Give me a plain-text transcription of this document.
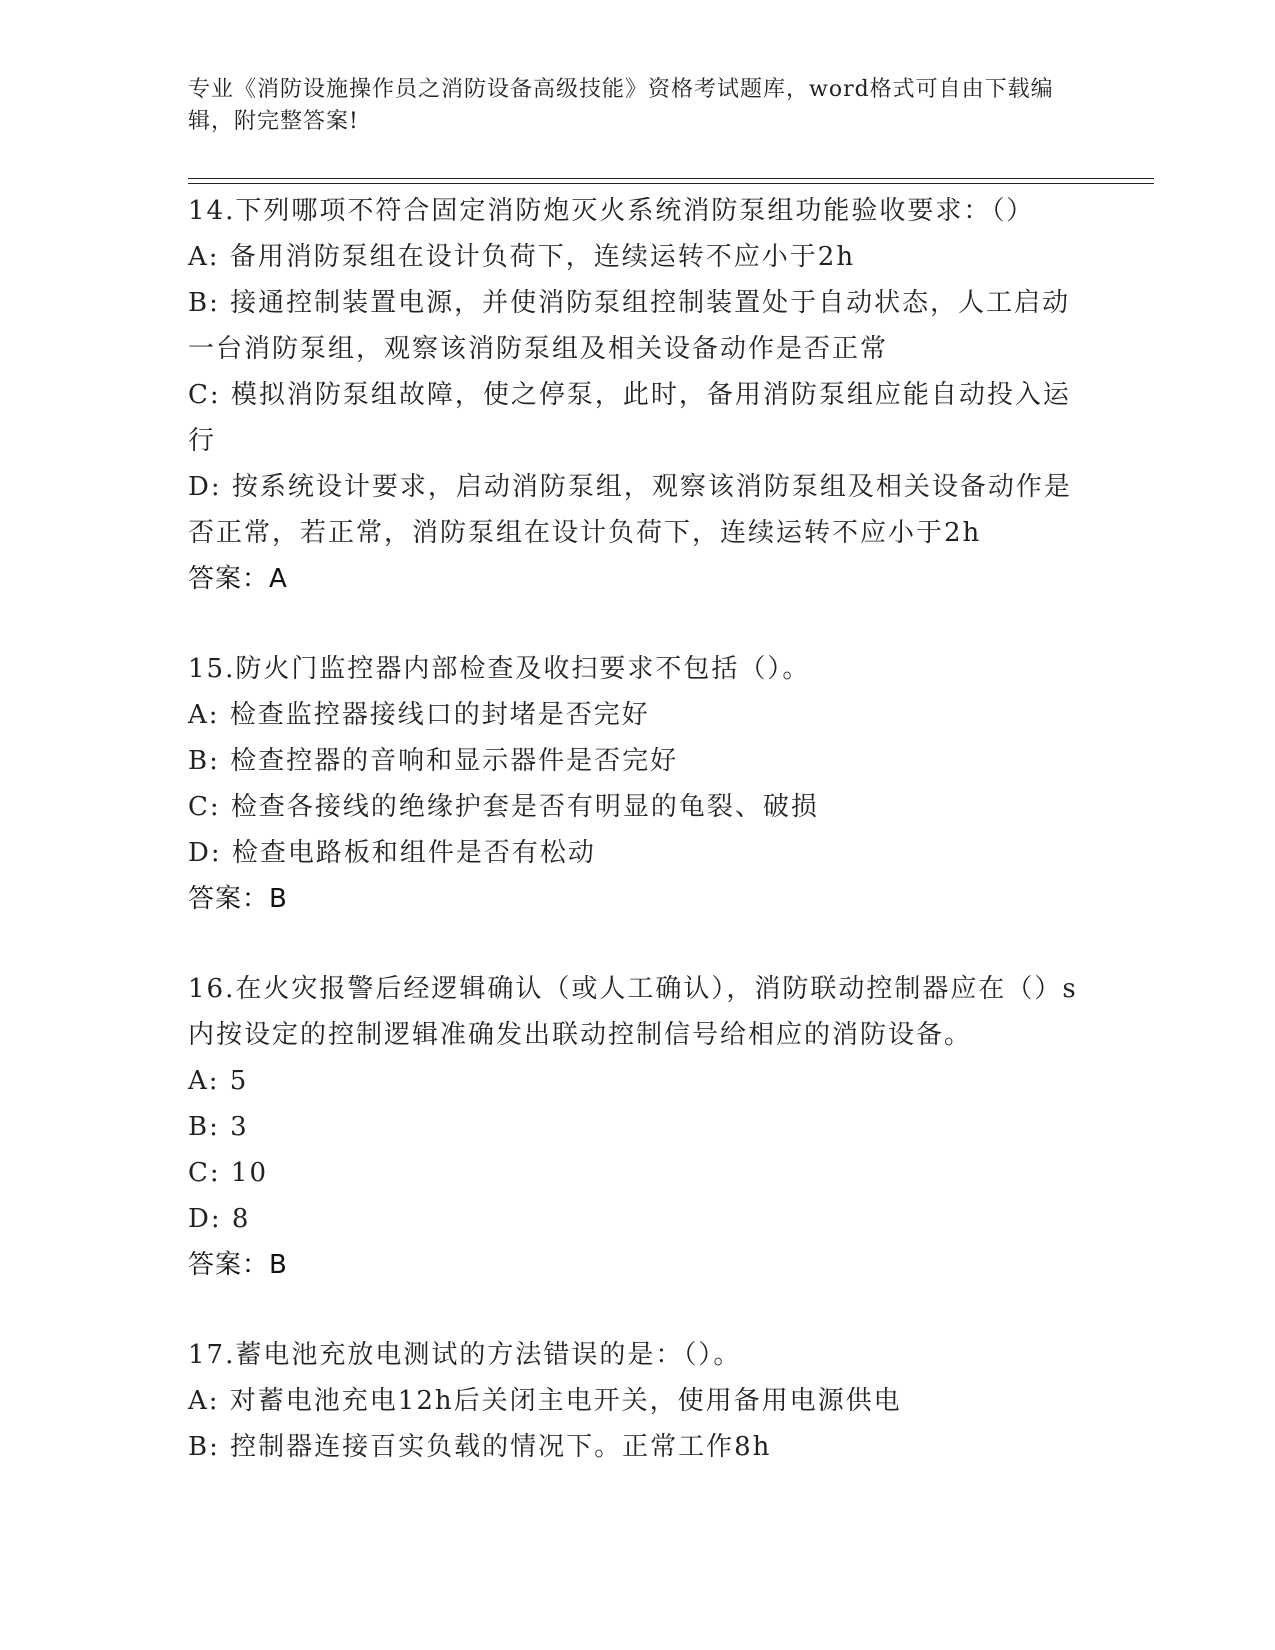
专业《消防设施操作员之消防设备高级技能》资格考试题库，word格式可自由下载编辑，附完整答案!
14.下列哪项不符合固定消防炮灭火系统消防泵组功能验收要求：（）
A: 备用消防泵组在设计负荷下，连续运转不应小于2h
B: 接通控制装置电源，并使消防泵组控制装置处于自动状态，人工启动一台消防泵组，观察该消防泵组及相关设备动作是否正常
C: 模拟消防泵组故障，使之停泵，此时，备用消防泵组应能自动投入运行
D: 按系统设计要求，启动消防泵组，观察该消防泵组及相关设备动作是否正常，若正常，消防泵组在设计负荷下，连续运转不应小于2h
答案：A
15.防火门监控器内部检查及收扫要求不包括（）。
A: 检查监控器接线口的封堵是否完好
B: 检查控器的音响和显示器件是否完好
C: 检查各接线的绝缘护套是否有明显的龟裂、破损
D: 检查电路板和组件是否有松动
答案：B
16.在火灾报警后经逻辑确认（或人工确认），消防联动控制器应在（）s内按设定的控制逻辑准确发出联动控制信号给相应的消防设备。
A: 5
B: 3
C: 10
D: 8
答案：B
17.蓄电池充放电测试的方法错误的是：（）。
A: 对蓄电池充电12h后关闭主电开关，使用备用电源供电
B: 控制器连接百实负载的情况下。正常工作8h
